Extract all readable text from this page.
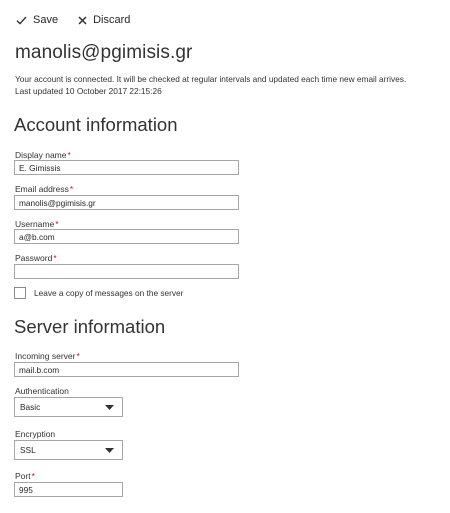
Save	Discard
manolis@pgimisis.gr
Your account is connected. It will be checked at regular intervals and updated each time new email arrives.
Last updated 10 October 2017 22:15:26
Account information
Display name*
E. Gimissis
Email address*
manolis@pgimisis.gr
Username*
a@b.com
Password*
Leave a copy of messages on the server
Server information
Incoming server*
mail.b.com
Authentication
Basic
Encryption
SSL
Port*
995
